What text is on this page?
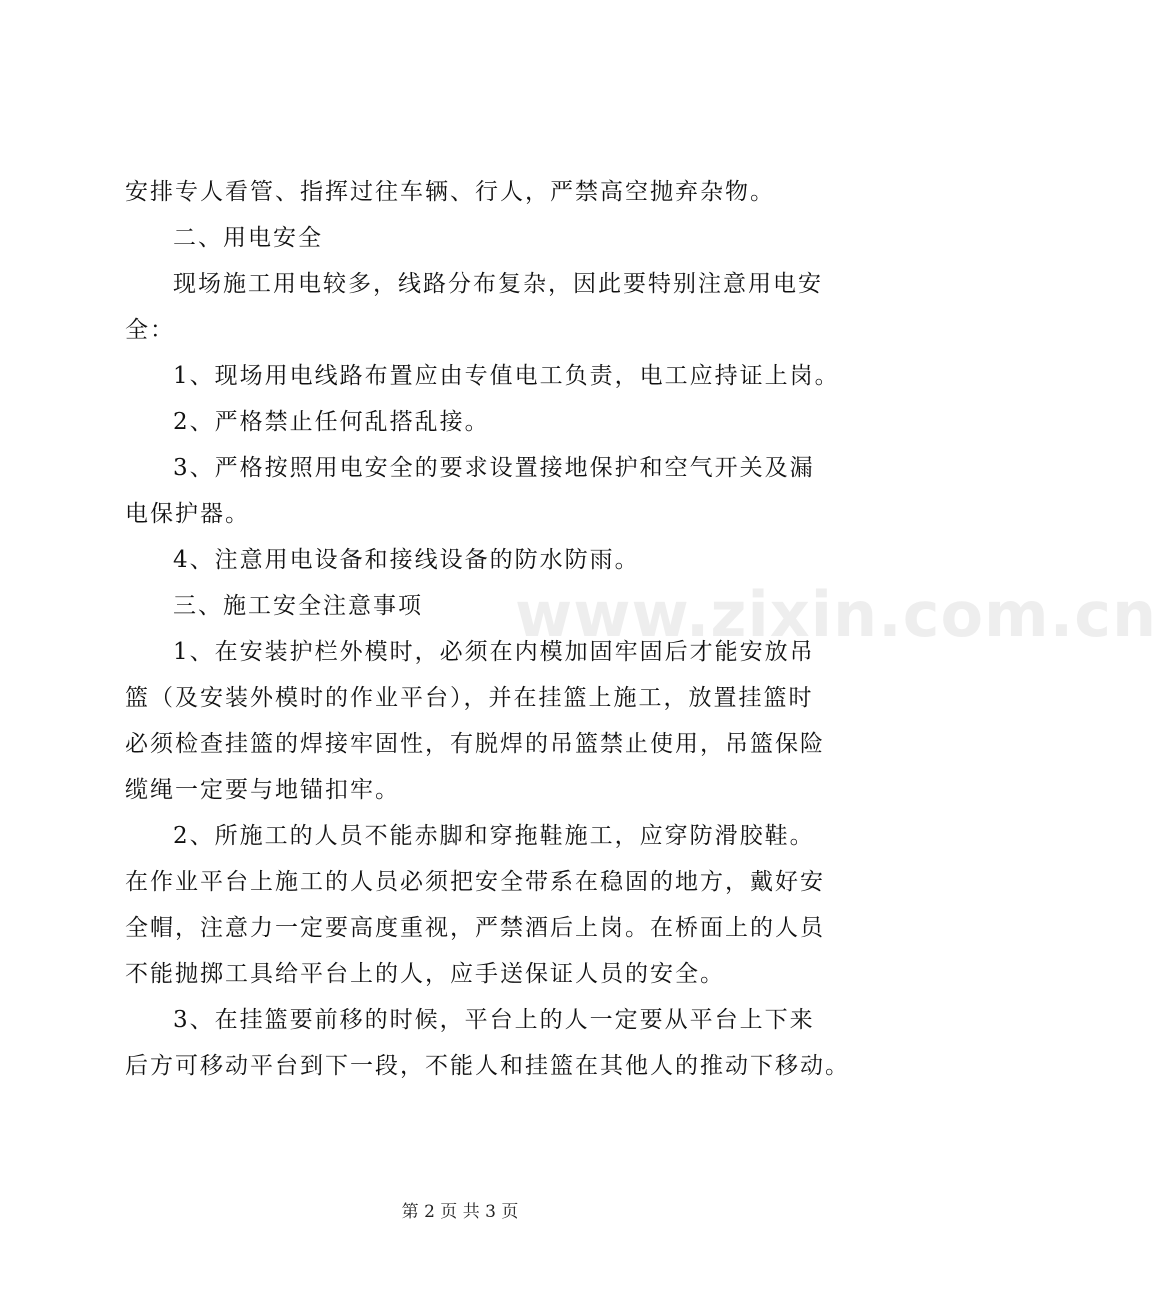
www.zixin.com.cn
安排专人看管、指挥过往车辆、行人，严禁高空抛弃杂物。
二、用电安全
现场施工用电较多，线路分布复杂，因此要特别注意用电安
全：
1、现场用电线路布置应由专值电工负责，电工应持证上岗。
2、严格禁止任何乱搭乱接。
3、严格按照用电安全的要求设置接地保护和空气开关及漏
电保护器。
4、注意用电设备和接线设备的防水防雨。
三、施工安全注意事项
1、在安装护栏外模时，必须在内模加固牢固后才能安放吊
篮（及安装外模时的作业平台），并在挂篮上施工，放置挂篮时
必须检查挂篮的焊接牢固性，有脱焊的吊篮禁止使用，吊篮保险
缆绳一定要与地锚扣牢。
2、所施工的人员不能赤脚和穿拖鞋施工，应穿防滑胶鞋。
在作业平台上施工的人员必须把安全带系在稳固的地方，戴好安
全帽，注意力一定要高度重视，严禁酒后上岗。在桥面上的人员
不能抛掷工具给平台上的人，应手送保证人员的安全。
3、在挂篮要前移的时候，平台上的人一定要从平台上下来
后方可移动平台到下一段，不能人和挂篮在其他人的推动下移动。
第 2 页 共 3 页
